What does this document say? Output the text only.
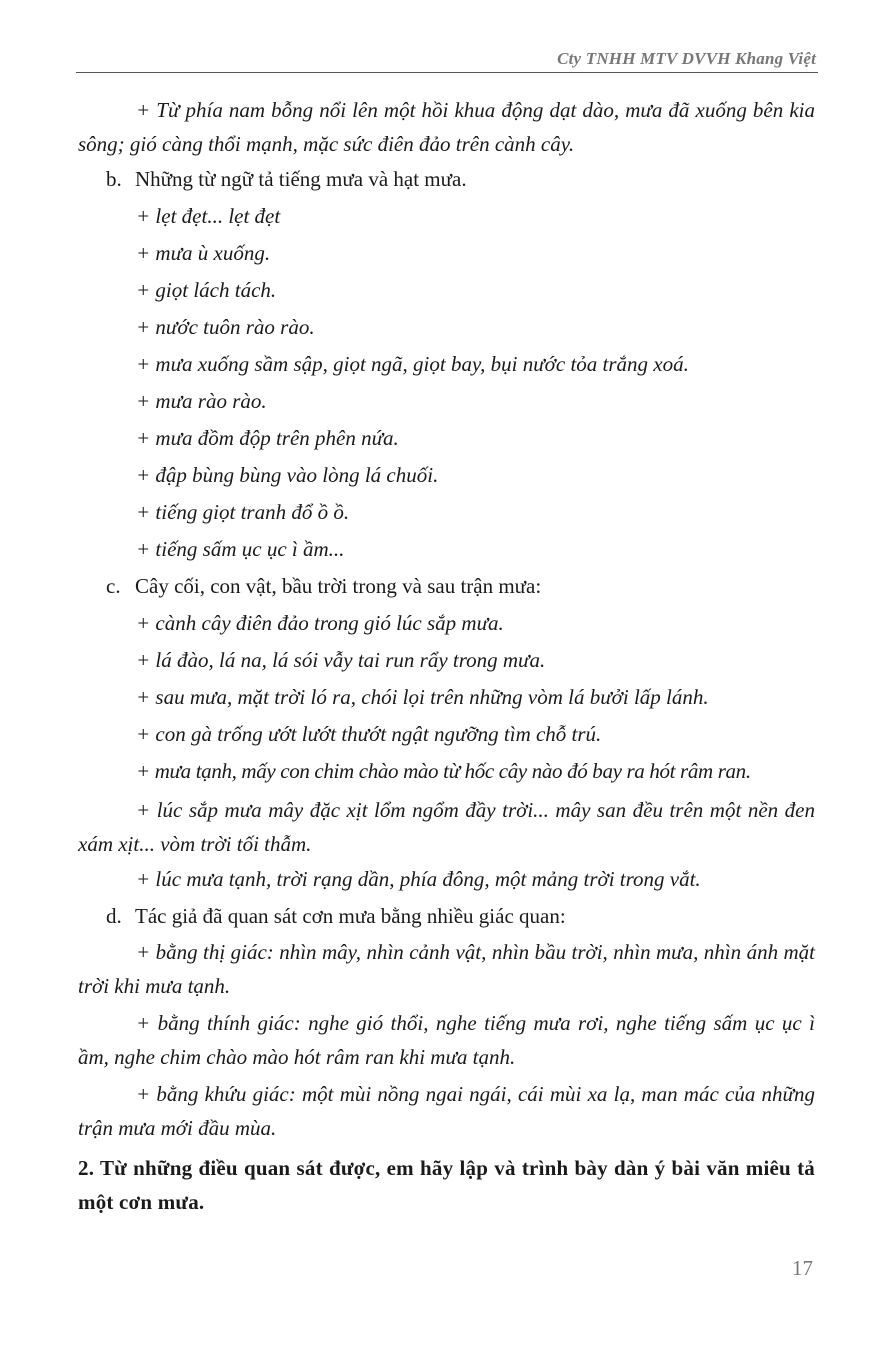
Cty TNHH MTV DVVH Khang Việt

+ Từ phía nam bỗng nổi lên một hồi khua động dạt dào, mưa đã xuống bên kia sông; gió càng thổi mạnh, mặc sức điên đảo trên cành cây.

b. Những từ ngữ tả tiếng mưa và hạt mưa.
+ lẹt đẹt... lẹt đẹt
+ mưa ù xuống.
+ giọt lách tách.
+ nước tuôn rào rào.
+ mưa xuống sầm sập, giọt ngã, giọt bay, bụi nước tỏa trắng xoá.
+ mưa rào rào.
+ mưa đồm độp trên phên nứa.
+ đập bùng bùng vào lòng lá chuối.
+ tiếng giọt tranh đổ ồ ồ.
+ tiếng sấm ục ục ì ầm...
c. Cây cối, con vật, bầu trời trong và sau trận mưa:
+ cành cây điên đảo trong gió lúc sắp mưa.
+ lá đào, lá na, lá sói vẫy tai run rẩy trong mưa.
+ sau mưa, mặt trời ló ra, chói lọi trên những vòm lá bưởi lấp lánh.
+ con gà trống ướt lướt thướt ngật ngưỡng tìm chỗ trú.
+ mưa tạnh, mấy con chim chào mào từ hốc cây nào đó bay ra hót râm ran.

+ lúc sắp mưa mây đặc xịt lổm ngổm đầy trời... mây san đều trên một nền đen xám xịt... vòm trời tối thẫm.

+ lúc mưa tạnh, trời rạng dần, phía đông, một mảng trời trong vắt.
d. Tác giả đã quan sát cơn mưa bằng nhiều giác quan:

+ bằng thị giác: nhìn mây, nhìn cảnh vật, nhìn bầu trời, nhìn mưa, nhìn ánh mặt trời khi mưa tạnh.

+ bằng thính giác: nghe gió thổi, nghe tiếng mưa rơi, nghe tiếng sấm ục ục ì ầm, nghe chim chào mào hót râm ran khi mưa tạnh.

+ bằng khứu giác: một mùi nồng ngai ngái, cái mùi xa lạ, man mác của những trận mưa mới đầu mùa.

2. Từ những điều quan sát được, em hãy lập và trình bày dàn ý bài văn miêu tả một cơn mưa.

17
